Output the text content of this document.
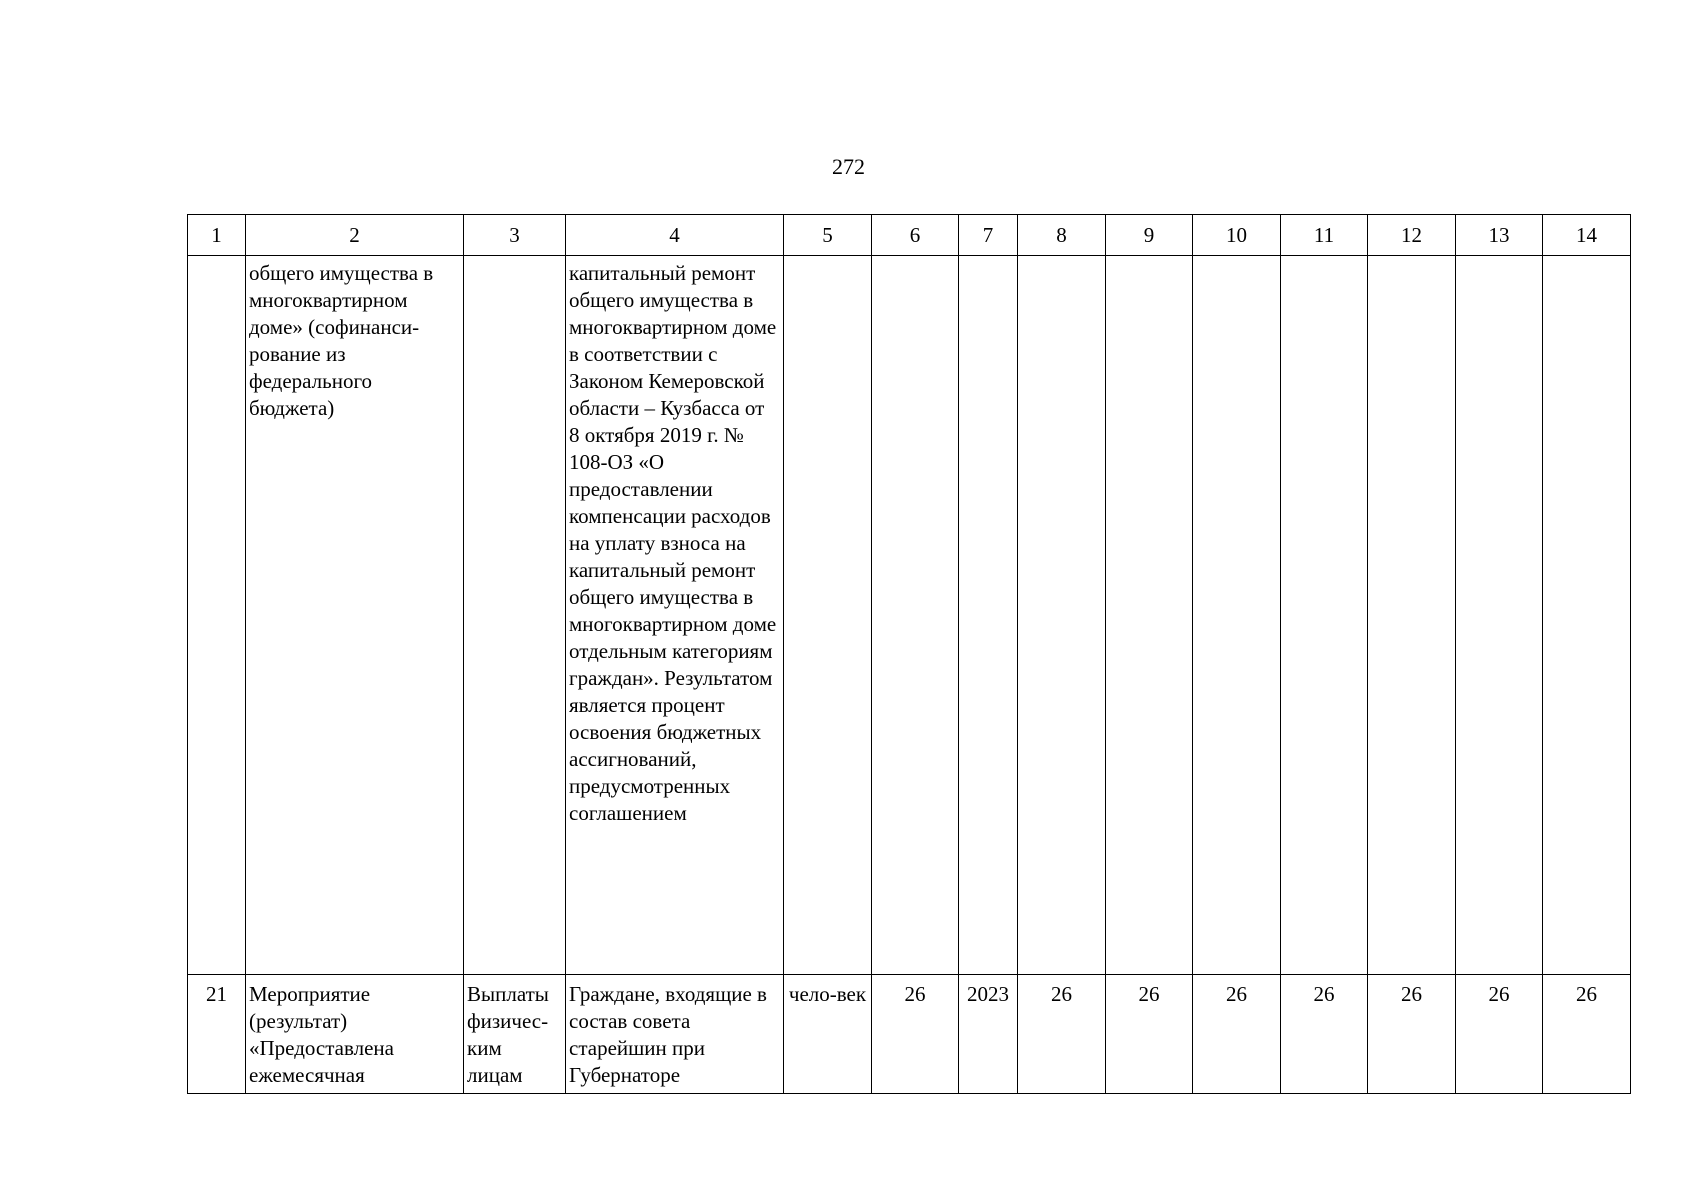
272
1	2	3	4	5	6	7	8	9	10	11	12	13	14
	общего имущества в многоквартирном доме» (софинанси-рование из федерального бюджета)		капитальный ремонт общего имущества в многоквартирном доме в соответствии с Законом Кемеровской области – Кузбасса от 8 октября 2019 г. № 108-ОЗ «О предоставлении компенсации расходов на уплату взноса на капитальный ремонт общего имущества в многоквартирном доме отдельным категориям граждан». Результатом является процент освоения бюджетных ассигнований, предусмотренных соглашением										
21	Мероприятие (результат) «Предоставлена ежемесячная	Выплаты физичес-ким лицам	Граждане, входящие в состав совета старейшин при Губернаторе	чело-век	26	2023	26	26	26	26	26	26	26
